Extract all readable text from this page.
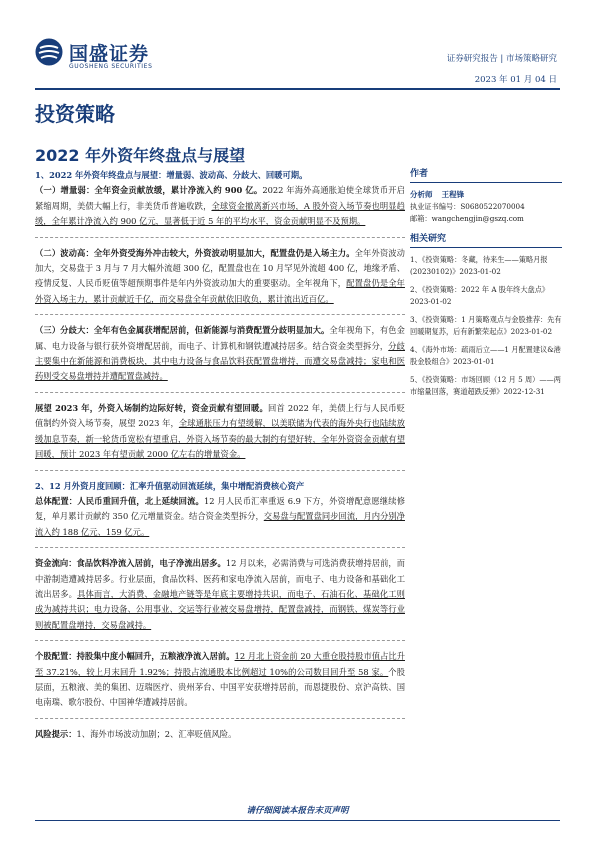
国盛证券
GUOSHENG SECURITIES
证券研究报告 | 市场策略研究
2023 年 01 月 04 日
投资策略
2022 年外资年终盘点与展望

1、2022 年外资年终盘点与展望：增量弱、波动高、分歧大、回暖可期。

（一）增量弱：全年资金贡献放缓，累计净流入约 900 亿。2022 年海外高通胀迫使全球货币开启紧缩周期，美债大幅上行，非美货币普遍收跌，全球资金撤离新兴市场，A 股外资入场节奏也明显趋缓，全年累计净流入约 900 亿元，显著低于近 5 年的平均水平，资金贡献明显不及预期。

（二）波动高：全年外资受海外冲击较大，外资波动明显加大，配置盘仍是入场主力。全年外资波动加大，交易盘于 3 月与 7 月大幅外流超 300 亿，配置盘也在 10 月罕见外流超 400 亿，地缘矛盾、疫情反复、人民币贬值等超预期事件是年内外资波动加大的重要驱动。全年视角下，配置盘仍是全年外资入场主力，累计贡献近千亿，而交易盘全年贡献依旧收负，累计流出近百亿。

（三）分歧大：全年有色金属获增配居前，但新能源与消费配置分歧明显加大。全年视角下，有色金属、电力设备与银行获外资增配居前，而电子、计算机和钢铁遭减持居多。结合资金类型拆分，分歧主要集中在新能源和消费板块，其中电力设备与食品饮料获配置盘增持，而遭交易盘减持；家电和医药则受交易盘增持并遭配置盘减持。

展望 2023 年，外资入场制约边际好转，资金贡献有望回暖。回首 2022 年，美债上行与人民币贬值制约外资入场节奏，展望 2023 年，全球通胀压力有望缓解，以美联储为代表的海外央行也陆续放缓加息节奏，新一轮货币宽松有望重启，外资入场节奏的最大制约有望好转，全年外资资金贡献有望回暖，预计 2023 年有望贡献 2000 亿左右的增量资金。

2、12 月外资月度回顾：汇率升值驱动回流延续，集中增配消费核心资产

总体配置：人民币重回升值，北上延续回流。12 月人民币汇率重返 6.9 下方，外资增配意愿继续修复，单月累计贡献约 350 亿元增量资金。结合资金类型拆分，交易盘与配置盘同步回流，月内分别净流入约 188 亿元、159 亿元。

资金流向：食品饮料净流入居前，电子净流出居多。12 月以来，必需消费与可选消费获增持居前，而中游制造遭减持居多。行业层面，食品饮料、医药和家电净流入居前，而电子、电力设备和基础化工流出居多。具体而言，大消费、金融地产链等是年底主要增持共识，而电子、石油石化、基础化工则成为减持共识；电力设备、公用事业、交运等行业被交易盘增持，配置盘减持，而钢铁、煤炭等行业则被配置盘增持，交易盘减持。

个股配置：持股集中度小幅回升，五粮液净流入居前。12 月北上资金前 20 大重仓股持股市值占比升至 37.21%，较上月末回升 1.92%；持股占流通股本比例超过 10%的公司数目回升至 58 家。个股层面，五粮液、美的集团、迈瑞医疗、贵州茅台、中国平安获增持居前，而恩捷股份、京沪高铁、国电南瑞、歌尔股份、中国神华遭减持居前。

风险提示：1、海外市场波动加剧；2、汇率贬值风险。

作者
分析师 王程锋
执业证书编号：S0680522070004
邮箱：wangchengjin@gszq.com
相关研究
1、《投资策略：冬藏，待来生——策略月报(20230102)》2023-01-02
2、《投资策略：2022 年 A 股年终大盘点》2023-01-02
3、《投资策略：1 月策略观点与金股推荐：先有回暖期复苏，后有新繁荣起点》2023-01-02
4、《海外市场：疏雨后立——1 月配置建议&港股金股组合》2023-01-01
5、《投资策略：市场回顾（12 月 5 周）——两市缩量回落，赛道超跌反弹》2022-12-31
请仔细阅读本报告末页声明
